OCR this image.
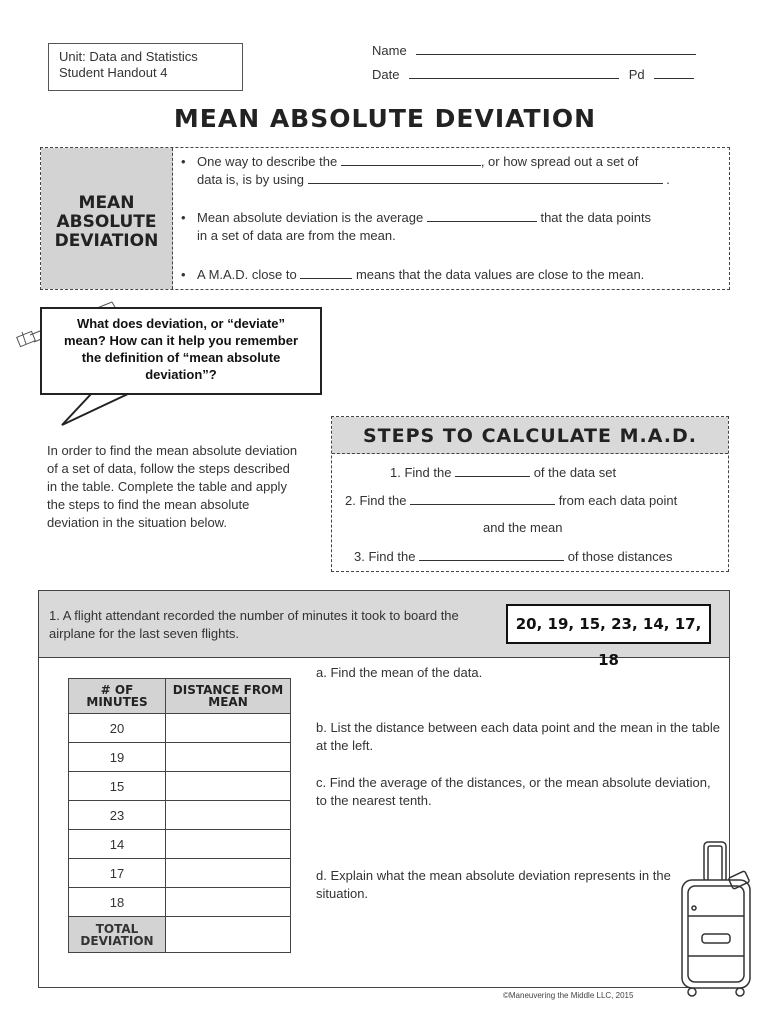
Unit: Data and Statistics
Student Handout 4
Name
Date	Pd
MEAN ABSOLUTE DEVIATION
MEAN ABSOLUTE DEVIATION
• One way to describe the	, or how spread out a set of
data is, is by using	.
• Mean absolute deviation is the average	that the data points
in a set of data are from the mean.
• A M.A.D. close to	means that the data values are close to the mean.
What does deviation, or “deviate” mean? How can it help you remember the definition of “mean absolute deviation”?
In order to find the mean absolute deviation of a set of data, follow the steps described in the table. Complete the table and apply the steps to find the mean absolute deviation in the situation below.
STEPS TO CALCULATE M.A.D.
1. Find the	of the data set
2. Find the	from each data point
and the mean
3. Find the	of those distances
1. A flight attendant recorded the number of minutes it took to board the airplane for the last seven flights.
20, 19, 15, 23, 14, 17, 18
# OF MINUTES	DISTANCE FROM MEAN
20	
19	
15	
23	
14	
17	
18	
TOTAL DEVIATION	
a. Find the mean of the data.
b. List the distance between each data point and the mean in the table at the left.
c. Find the average of the distances, or the mean absolute deviation, to the nearest tenth.
d. Explain what the mean absolute deviation represents in the situation.
©Maneuvering the Middle LLC, 2015
